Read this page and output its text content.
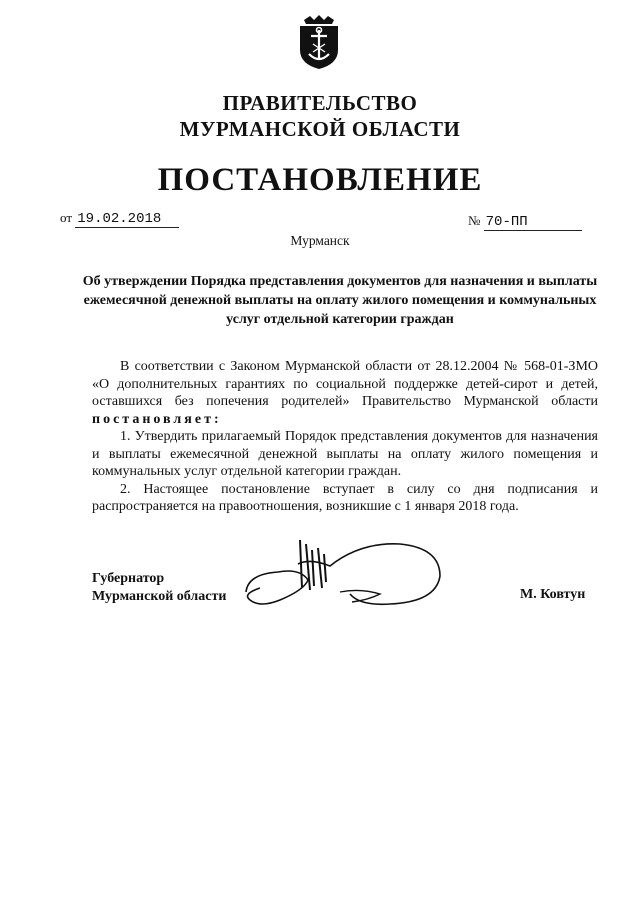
ПРАВИТЕЛЬСТВО
МУРМАНСКОЙ ОБЛАСТИ
ПОСТАНОВЛЕНИЕ
от 19.02.2018	№ 70-ПП
Мурманск
Об утверждении Порядка представления документов для назначения и выплаты ежемесячной денежной выплаты на оплату жилого помещения и коммунальных услуг отдельной категории граждан

В соответствии с Законом Мурманской области от 28.12.2004 № 568-01-ЗМО «О дополнительных гарантиях по социальной поддержке детей-сирот и детей, оставшихся без попечения родителей» Правительство Мурманской области постановляет:

1. Утвердить прилагаемый Порядок представления документов для назначения и выплаты ежемесячной денежной выплаты на оплату жилого помещения и коммунальных услуг отдельной категории граждан.

2. Настоящее постановление вступает в силу со дня подписания и распространяется на правоотношения, возникшие с 1 января 2018 года.

Губернатор
Мурманской области	М. Ковтун
